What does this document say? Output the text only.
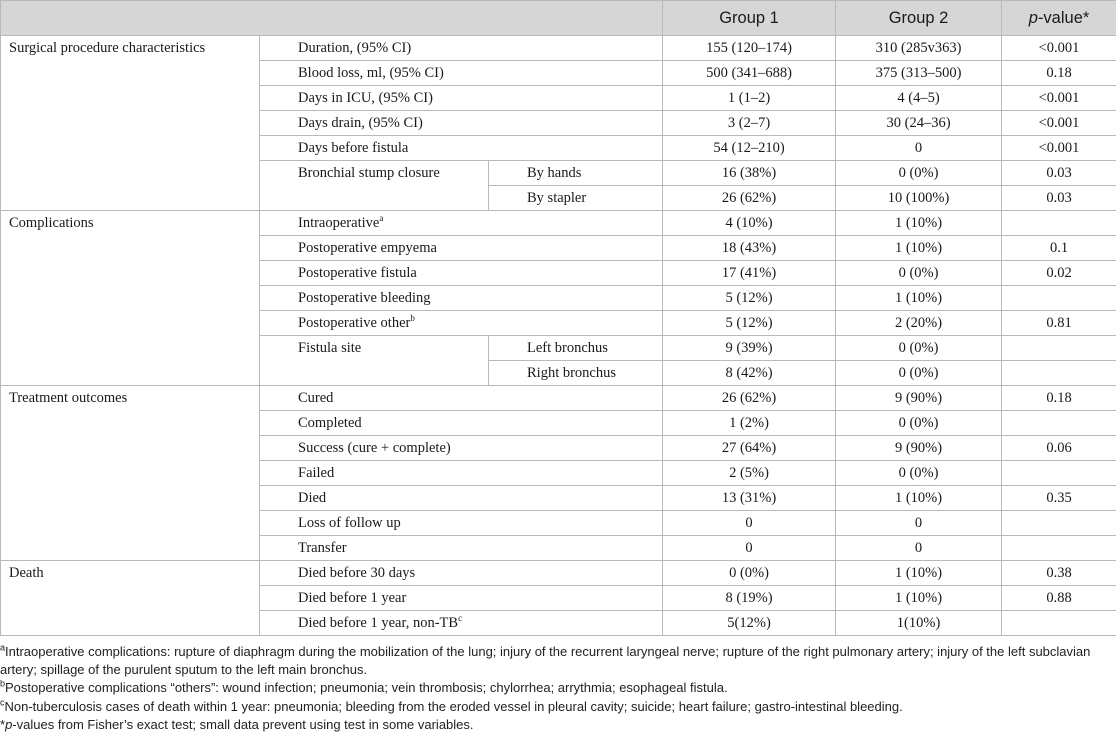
			Group 1	Group 2	p-value*
Surgical procedure characteristics	Duration, (95% CI)		155 (120–174)	310 (285v363)	<0.001
	Blood loss, ml, (95% CI)		500 (341–688)	375 (313–500)	0.18
	Days in ICU, (95% CI)		1 (1–2)	4 (4–5)	<0.001
	Days drain, (95% CI)		3 (2–7)	30 (24–36)	<0.001
	Days before fistula		54 (12–210)	0	<0.001
	Bronchial stump closure	By hands	16 (38%)	0 (0%)	0.03
		By stapler	26 (62%)	10 (100%)	0.03
Complications	Intraoperative$^a$		4 (10%)	1 (10%)	
	Postoperative empyema		18 (43%)	1 (10%)	0.1
	Postoperative fistula		17 (41%)	0 (0%)	0.02
	Postoperative bleeding		5 (12%)	1 (10%)	
	Postoperative other$^b$		5 (12%)	2 (20%)	0.81
	Fistula site	Left bronchus	9 (39%)	0 (0%)	
		Right bronchus	8 (42%)	0 (0%)	
Treatment outcomes	Cured		26 (62%)	9 (90%)	0.18
	Completed		1 (2%)	0 (0%)	
	Success (cure + complete)		27 (64%)	9 (90%)	0.06
	Failed		2 (5%)	0 (0%)	
	Died		13 (31%)	1 (10%)	0.35
	Loss of follow up		0	0	
	Transfer		0	0	
Death	Died before 30 days		0 (0%)	1 (10%)	0.38
	Died before 1 year		8 (19%)	1 (10%)	0.88
	Died before 1 year, non-$TB^c$		5(12%)	1(10%)	

$^a$Intraoperative complications: rupture of diaphragm during the mobilization of the lung; injury of the recurrent laryngeal nerve; rupture of the right pulmonary artery; injury of the left subclavian artery; spillage of the purulent sputum to the left main bronchus.

$^b$Postoperative complications “others”: wound infection; pneumonia; vein thrombosis; chylorrhea; arrythmia; esophageal fistula.

$^c$Non-tuberculosis cases of death within 1 year: pneumonia; bleeding from the eroded vessel in pleural cavity; suicide; heart failure; gastro-intestinal bleeding.

*p-values from Fisher’s exact test; small data prevent using test in some variables.
